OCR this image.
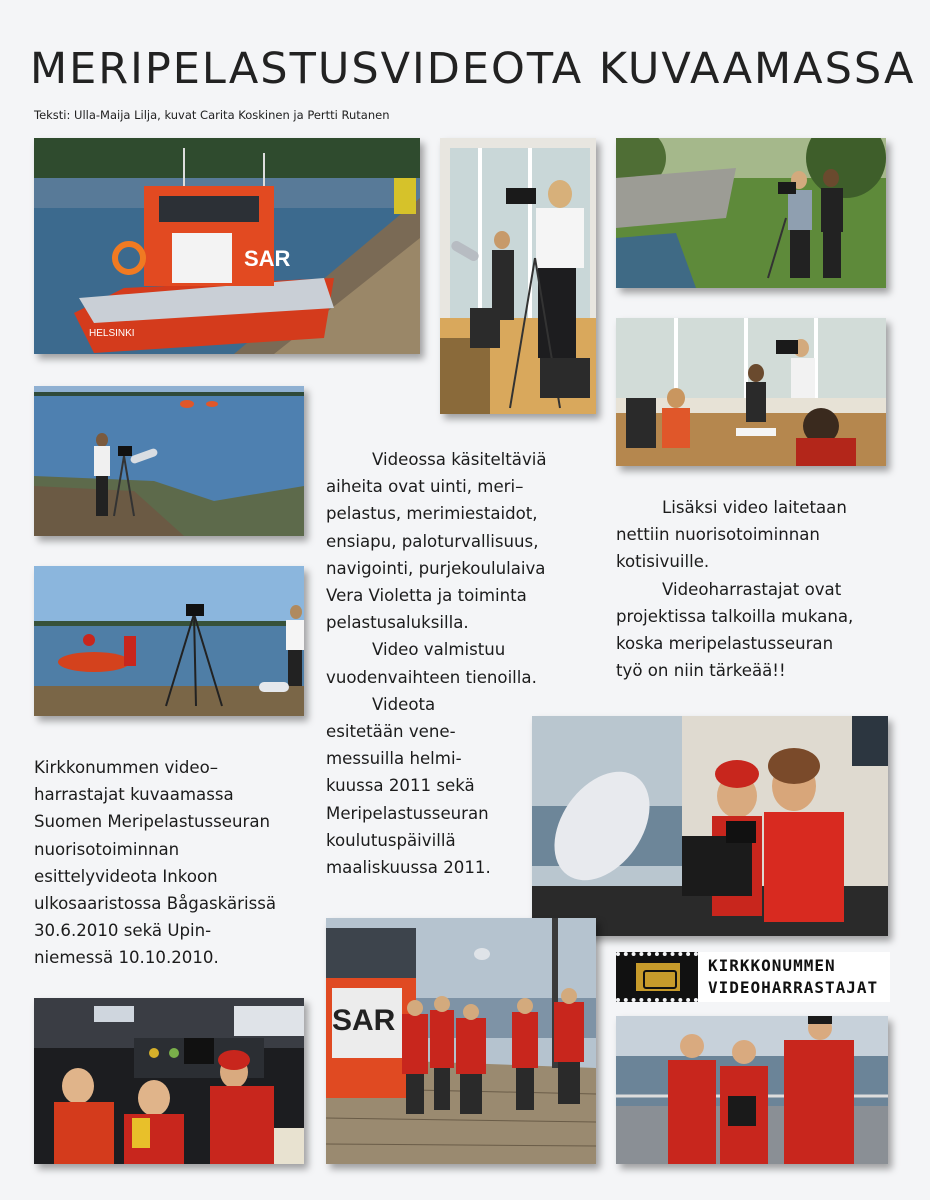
MERIPELASTUSVIDEOTA KUVAAMASSA
Teksti: Ulla-Maija Lilja, kuvat Carita Koskinen ja Pertti Rutanen
SAR
HELSINKI
SAR
KIRKKONUMMEN
VIDEOHARRASTAJAT

Kirkkonummen video–

harrastajat kuvaamassa

Suomen Meripelastusseuran

nuorisotoiminnan

esittelyvideota Inkoon

ulkosaaristossa Bågaskärissä

30.6.2010 sekä Upin-

niemessä 10.10.2010.

Videossa käsiteltäviä

aiheita ovat uinti, meri–

pelastus, merimiestaidot,

ensiapu, paloturvallisuus,

navigointi, purjekoululaiva

Vera Violetta ja toiminta

pelastusaluksilla.

Video valmistuu

vuodenvaihteen tienoilla.

Videota

esitetään vene-

messuilla helmi-

kuussa 2011 sekä

Meripelastusseuran

koulutuspäivillä

maaliskuussa 2011.

Lisäksi video laitetaan

nettiin nuorisotoiminnan

kotisivuille.

Videoharrastajat ovat

projektissa talkoilla mukana,

koska meripelastusseuran

työ on niin tärkeää!!
